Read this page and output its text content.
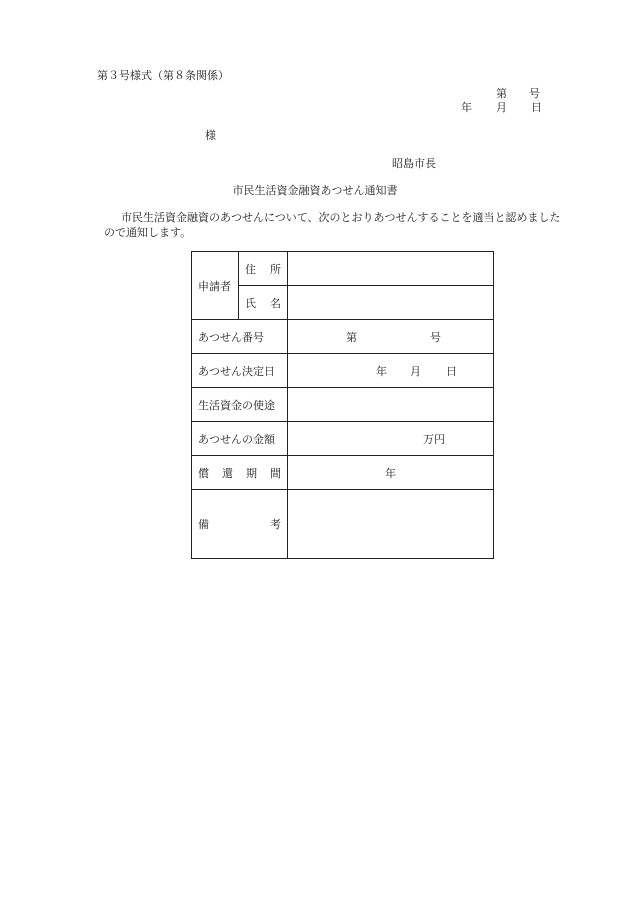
第３号様式（第８条関係）
第 号
年 月 日
様
昭島市長
市民生活資金融資あつせん通知書
市民生活資金融資のあつせんについて、次のとおりあつせんすることを適当と認めましたので通知します。
申請者	住 所	

	氏 名	

あつせん番号		第 号
あつせん決定日		年 月 日
生活資金の使途		
あつせんの金額		万円

償 還 期 間		年

備 考		
